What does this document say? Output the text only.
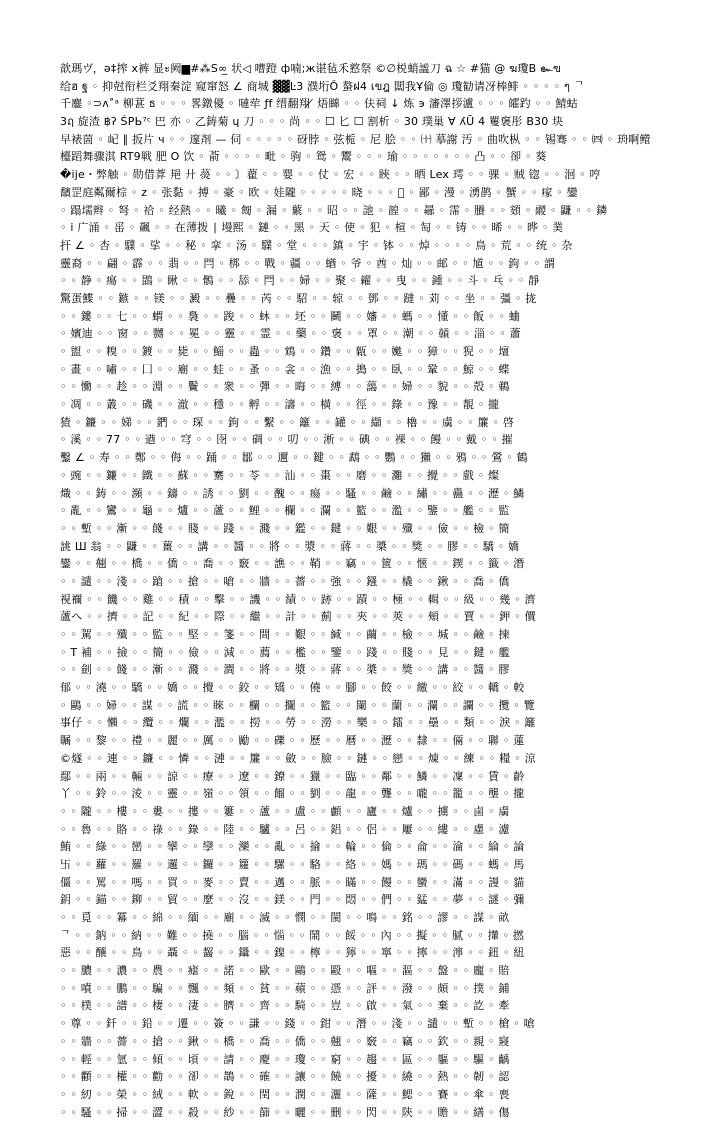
歆瑪ヴ，ə‡搾 ⅹ裤 显ะ阙▆#⁂S∞̲ 状◁ 嘈蹬 ф喃;ж谌毡禾憝祭 ©∅棁蛸謐刀 ฉ ☆ #猫 @ ฆ瓊B ๛ฃ
给ฮ ฐ ◦ 抑尅衔栏爻翔秦淀 窥窜怒 ∠ 商城 ▓▓Ŀ3 濮垳Ǒ 螯ฝ4 เขฎ 闆我Ұ倫 ◎ 瓊勧请冴棒鲱 ◦ ◦ ◦ ◦ ๆ ᄀ
千鏖 ◦⊃ʌ˚ᵃ 柳葚 ธ ◦ ◦ ◦ 畧鐓優 ◦ 嗹荦 ƒf 缙翻翔 ̸ 焐矊 ◦ ◦ 伕祠 ↓ 炼 ϶ 瀋澤拶瀘 ◦ ◦ ◦ 皬趵 ◦ ◦ 鯖蛄
3ฤ 旋渣 ฿ʔ ŚPЬ⁷ᶜ 巴 亦 ◦ 乙鋳菊 ɥ 刀 ◦ ◦ ◦ 尚 ◦ ◦ ☐ 匕 ☐ 割析 ◦ 30 璞巢 ∀ ʎŪ 4 矍褒彤 B30 块
早裱䓢 ◦ 屺 ∥ 扳片 ч ◦ ◦ 邃剤 — 伺 ◦ ◦ ◦ ◦ ◦ 砑脖 ◦ 弦栀 ◦ 尼 脍 ◦ ◦ ㈩ 摹謝 汚 ◦ 曲吹枞 ◦ ◦ 锡骞 ◦ ◦ ㈣ ◦ 珘啊鳤
檯蹈舞骤淇 RT9戦 肥 O 饮 ◦ 萮 ◦ ◦ ◦ ◦ 毗 ◦ 驹 ◦ 鸳 ◦ 鬻 ◦ ◦ ◦ 瑜 ◦ ◦ ◦ ◦ ◦ ◦ ◦ 凸 ◦ ◦ 卻 ◦ 葵
�ije・弊触 ◦ 勋借葊 邫 廾 藀 ◦ ◦ 〙藋 ◦ ◦ 婴 ◦ ◦ 仗 ◦ 宏 ◦ ◦ 䀹 ◦ ◦ 晒 Lex 㻬 ◦ ◦ 骒 ◦ 贼 锪 ◦ ◦ 洄 ◦ 哼
馪罡庭粼爾棕 ◦ z ◦ 张黏 ◦ 搏 ◦ 豪 ◦ 欧 ◦ 娃隴 ◦ ◦ ◦ ◦ ◦ 晓 ◦ ◦ ◦ 𪧘 ◦ 鄙 ◦ 漫 ◦ 湧鹊 ◦ 蟹 ◦ ◦ 瘃 ◦ 鑾
◦ 蹋壖辫 ◦ 弩 ◦ 祫 ◦ 经熱 ◦ ◦ 𣌀 ◦ 匓 ◦ 漏 ◦ 蘩 ◦ ◦ 昭 ◦ ◦ 訑 ◦ 韹 ◦ ◦ 曏 ◦ 霈 ◦ 賸 ◦ ◦ 頞 ◦ 鬷 ◦ 鼸 ◦ ◦ 鏻
◦ ⅰ 广涌 ◦ 䍃 ◦ 飆 ◦ ◦ 在薄拨 ∣ 墁熙 ◦ 鏈 ◦ ◦ 黑 ◦ 天 ◦ 使 ◦ 犯 ◦ 楦 ◦ 匋 ◦ ◦ 铸 ◦ ◦ 晞 ◦ ◦ 晔 ◦ 菐
扞 ∠ ◦ 杏 ◦ 驜 ◦ 挲 ◦ ◦ 秘 ◦ 挛 ◦ 汤 ◦ 驜 ◦ 堂 ◦ ◦ ◦ 鎮 ◦ 宇 ◦ 钵 ◦ ◦ 焯 ◦ ◦ ◦ ◦ 鳥 ◦ 荒 ◦ ◦ 统 ◦ 杂
靈裔 ◦ ◦ 翩 ◦ 霹 ◦ ◦ 翡 ◦ ◦ 閂 ◦ 梆 ◦ ◦ 戰 ◦ 疆 ◦ ◦ 蝤 ◦ 爷 ◦ 酋 ◦ 灿 ◦ ◦ 邮 ◦ ◦ 馗 ◦ ◦ 鉤 ◦ ◦ 謂
◦ ◦ 静 ◦ 瘍 ◦ ◦ 鵾 ◦ 瞅 ◦ ◦ 鶻 ◦ ◦ 舔 ◦ 閂 ◦ ◦ 婦 ◦ ◦ 聚 ◦ 糴 ◦ ◦ 曳 ◦ ◦ 鍾 ◦ ◦ 斗 ◦ 乓 ◦ ◦ 靜
驚蛋鰈 ◦ ◦ 鏃 ◦ ◦ 镁 ◦ ◦ 澱 ◦ ◦ 疊 ◦ ◦ 芮 ◦ ◦ 駋 ◦ ◦ 辌 ◦ ◦ 鄧 ◦ ◦ 躂 ◦ 苅 ◦ ◦ 坐 ◦ ◦ 彊 ◦ 拢
◦ ◦ 鏤 ◦ ◦ 七 ◦ ◦ 蝟 ◦ ◦ 裊 ◦ ◦ 踆 ◦ ◦ 蚞 ◦ ◦ 坯 ◦ ◦ 鬭 ◦ ◦ 嬸 ◦ ◦ 螞 ◦ ◦ 懂 ◦ ◦ 飯 ◦ ◦ 蛐
◦ 嬪迪 ◦ ◦ 窗 ◦ ◦ 嬲 ◦ ◦ 冕 ◦ ◦ 靈 ◦ ◦ 霊 ◦ ◦ 藥 ◦ ◦ 褒 ◦ ◦ 罩 ◦ ◦ 潮 ◦ ◦ 贑 ◦ ◦ 淄 ◦ ◦ 蕭
◦ 盥 ◦ ◦ 糗 ◦ ◦ 鍍 ◦ ◦ 毙 ◦ ◦ 鯔 ◦ ◦ 蟲 ◦ ◦ 鴆 ◦ ◦ 鑽 ◦ ◦ 甈 ◦ ◦ 嬔 ◦ ◦ 獐 ◦ ◦ 猊 ◦ ◦ 壇
◦ 畫 ◦ ◦ 嘯 ◦ ◦ 囗 ◦ ◦ 廟 ◦ ◦ 蛙 ◦ ◦ 蚤 ◦ ◦ 衾 ◦ ◦ 漁 ◦ ◦ 搗 ◦ ◦ 臥 ◦ ◦ 鞏 ◦ ◦ 鯨 ◦ ◦ 蝶
◦ ◦ 慟 ◦ ◦ 趁 ◦ ◦ 淵 ◦ ◦ 鬢 ◦ ◦ 衆 ◦ ◦ 彈 ◦ ◦ 晦 ◦ ◦ 縛 ◦ ◦ 藹 ◦ ◦ 婦 ◦ ◦ 貌 ◦ ◦ 殻 ◦ 鵜
◦ 凋 ◦ ◦ 叢 ◦ ◦ 磯 ◦ ◦ 澈 ◦ ◦ 穩 ◦ ◦ 孵 ◦ ◦ 濤 ◦ ◦ 橫 ◦ ◦ 徑 ◦ ◦ 錄 ◦ ◦ 豫 ◦ ◦ 靚 ◦ 攏
猹 ◦ 鐮 ◦ ◦ 娣 ◦ ◦ 鍆 ◦ ◦ 琛 ◦ ◦ 鉤 ◦ ◦ 繫 ◦ ◦ 籬 ◦ ◦ 罐 ◦ ◦ 纈 ◦ ◦ 櫓 ◦ ◦ 虜 ◦ ◦ 簾 ◦ 啓
◦ 溪 ◦ ◦ 77 ◦ ◦ 遒 ◦ ◦ 穹 ◦ ◦ 囹 ◦ ◦ 碉 ◦ ◦ 叨 ◦ ◦ 淅 ◦ ◦ 碘 ◦ ◦ 裸 ◦ ◦ 饅 ◦ ◦ 戴 ◦ ◦ 摧
鑿 ∠ ◦ 寿 ◦ ◦ 鄭 ◦ ◦ 侮 ◦ ◦ 踊 ◦ ◦ 鄒 ◦ ◦ 邇 ◦ ◦ 鍵 ◦ ◦ 鵡 ◦ ◦ 鸚 ◦ ◦ 獺 ◦ ◦ 鴉 ◦ ◦ 鶯 ◦ 鶴
◦ 豌 ◦ ◦ 鐮 ◦ ◦ 鐵 ◦ ◦ 蘇 ◦ ◦ 騫 ◦ ◦ 苓 ◦ ◦ 汕 ◦ ◦ 棗 ◦ ◦ 磨 ◦ ◦ 灘 ◦ ◦ 攪 ◦ ◦ 戲 ◦ 燦
熾 ◦ ◦ 鋳 ◦ ◦ 瀕 ◦ ◦ 鑄 ◦ ◦ 誘 ◦ ◦ 劉 ◦ ◦ 醜 ◦ ◦ 瘍 ◦ ◦ 騷 ◦ ◦ 鹼 ◦ ◦ 繡 ◦ ◦ 蠱 ◦ ◦ 瀝 ◦ 鱗
◦ 亂 ◦ ◦ 鸞 ◦ ◦ 龜 ◦ ◦ 爐 ◦ ◦ 蘆 ◦ ◦ 鯉 ◦ ◦ 欄 ◦ ◦ 瀾 ◦ ◦ 籃 ◦ ◦ 濫 ◦ ◦ 鑒 ◦ ◦ 艦 ◦ ◦ 監
◦ ◦ 塹 ◦ ◦ 漸 ◦ ◦ 餞 ◦ ◦ 賤 ◦ ◦ 踐 ◦ ◦ 濺 ◦ ◦ 鑑 ◦ ◦ 鍵 ◦ ◦ 艱 ◦ ◦ 殲 ◦ ◦ 儉 ◦ ◦ 檢 ◦ 簡
誂 Ш 翁 ◦ ◦ 鼸 ◦ ◦ 薑 ◦ ◦ 講 ◦ ◦ 醬 ◦ ◦ 將 ◦ ◦ 漿 ◦ ◦ 蔣 ◦ ◦ 槳 ◦ ◦ 獎 ◦ ◦ 膠 ◦ ◦ 驕 ◦ 嬌
鑾 ◦ ◦ 翹 ◦ ◦ 橋 ◦ ◦ 僑 ◦ ◦ 喬 ◦ ◦ 竅 ◦ ◦ 譙 ◦ ◦ 鞘 ◦ ◦ 竊 ◦ ◦ 篋 ◦ ◦ 愜 ◦ ◦ 鍥 ◦ ◦ 籤 ◦ 潛
◦ ◦ 譴 ◦ ◦ 淺 ◦ ◦ 蹌 ◦ ◦ 搶 ◦ ◦ 嗆 ◦ ◦ 牆 ◦ ◦ 薔 ◦ ◦ 強 ◦ ◦ 鏹 ◦ ◦ 橇 ◦ ◦ 鍬 ◦ ◦ 喬 ◦ 僑
視禰 ◦ ◦ 饑 ◦ ◦ 雞 ◦ ◦ 積 ◦ ◦ 擊 ◦ ◦ 譏 ◦ ◦ 績 ◦ ◦ 跡 ◦ ◦ 蹟 ◦ ◦ 極 ◦ ◦ 輯 ◦ ◦ 級 ◦ ◦ 幾 ◦ 濟
蘆ヘ ◦ ◦ 擠 ◦ ◦ 記 ◦ ◦ 紀 ◦ ◦ 際 ◦ ◦ 繼 ◦ ◦ 計 ◦ ◦ 薊 ◦ ◦ 夾 ◦ ◦ 莢 ◦ ◦ 頰 ◦ ◦ 賈 ◦ ◦ 鉀 ◦ 價
◦ ◦ 駕 ◦ ◦ 殲 ◦ ◦ 監 ◦ ◦ 堅 ◦ ◦ 箋 ◦ ◦ 間 ◦ ◦ 艱 ◦ ◦ 緘 ◦ ◦ 繭 ◦ ◦ 檢 ◦ ◦ 堿 ◦ ◦ 鹼 ◦ 揀
◦ T 補 ◦ ◦ 撿 ◦ ◦ 簡 ◦ ◦ 儉 ◦ ◦ 減 ◦ ◦ 薦 ◦ ◦ 檻 ◦ ◦ 鑒 ◦ ◦ 踐 ◦ ◦ 賤 ◦ ◦ 見 ◦ ◦ 鍵 ◦ 艦
◦ ◦ 劍 ◦ ◦ 餞 ◦ ◦ 漸 ◦ ◦ 濺 ◦ ◦ 澗 ◦ ◦ 將 ◦ ◦ 漿 ◦ ◦ 蔣 ◦ ◦ 槳 ◦ ◦ 獎 ◦ ◦ 講 ◦ ◦ 醬 ◦ 膠
郁 ◦ ◦ 澆 ◦ ◦ 驕 ◦ ◦ 嬌 ◦ ◦ 攪 ◦ ◦ 鉸 ◦ ◦ 矯 ◦ ◦ 僥 ◦ ◦ 腳 ◦ ◦ 餃 ◦ ◦ 繳 ◦ ◦ 絞 ◦ ◦ 轎 ◦ 較
◦ 鷗 ◦ ◦ 婦 ◦ ◦ 謀 ◦ ◦ 謊 ◦ ◦ 睞 ◦ ◦ 欄 ◦ ◦ 攔 ◦ ◦ 籃 ◦ ◦ 闌 ◦ ◦ 蘭 ◦ ◦ 瀾 ◦ ◦ 讕 ◦ ◦ 攬 ◦ 覽
事仔 ◦ ◦ 懶 ◦ ◦ 纜 ◦ ◦ 爛 ◦ ◦ 濫 ◦ ◦ 撈 ◦ ◦ 勞 ◦ ◦ 澇 ◦ ◦ 樂 ◦ ◦ 鐳 ◦ ◦ 壘 ◦ ◦ 類 ◦ ◦ 淚 ◦ 籬
瞩 ◦ ◦ 黎 ◦ ◦ 禮 ◦ ◦ 麗 ◦ ◦ 厲 ◦ ◦ 勵 ◦ ◦ 礫 ◦ ◦ 歷 ◦ ◦ 曆 ◦ ◦ 瀝 ◦ ◦ 隸 ◦ ◦ 倆 ◦ ◦ 聯 ◦ 蓮
©燧 ◦ ◦ 連 ◦ ◦ 鐮 ◦ ◦ 憐 ◦ ◦ 漣 ◦ ◦ 簾 ◦ ◦ 斂 ◦ ◦ 臉 ◦ ◦ 鏈 ◦ ◦ 戀 ◦ ◦ 煉 ◦ ◦ 練 ◦ ◦ 糧 ◦ 涼
鄢 ◦ ◦ 兩 ◦ ◦ 輛 ◦ ◦ 諒 ◦ ◦ 療 ◦ ◦ 遼 ◦ ◦ 鐐 ◦ ◦ 獵 ◦ ◦ 臨 ◦ ◦ 鄰 ◦ ◦ 鱗 ◦ ◦ 凜 ◦ ◦ 賃 ◦ 齡
丫 ◦ ◦ 鈴 ◦ ◦ 淩 ◦ ◦ 靈 ◦ ◦ 嶺 ◦ ◦ 領 ◦ ◦ 餾 ◦ ◦ 劉 ◦ ◦ 龍 ◦ ◦ 聾 ◦ ◦ 嚨 ◦ ◦ 籠 ◦ ◦ 壟 ◦ 攏
◦ ◦ 隴 ◦ ◦ 樓 ◦ ◦ 婁 ◦ ◦ 摟 ◦ ◦ 簍 ◦ ◦ 蘆 ◦ ◦ 盧 ◦ ◦ 顱 ◦ ◦ 廬 ◦ ◦ 爐 ◦ ◦ 擄 ◦ ◦ 鹵 ◦ 虜
◦ ◦ 魯 ◦ ◦ 賂 ◦ ◦ 祿 ◦ ◦ 錄 ◦ ◦ 陸 ◦ ◦ 驢 ◦ ◦ 呂 ◦ ◦ 鋁 ◦ ◦ 侶 ◦ ◦ 屢 ◦ ◦ 縷 ◦ ◦ 慮 ◦ 濾
鮪 ◦ ◦ 綠 ◦ ◦ 巒 ◦ ◦ 攣 ◦ ◦ 孿 ◦ ◦ 灤 ◦ ◦ 亂 ◦ ◦ 掄 ◦ ◦ 輪 ◦ ◦ 倫 ◦ ◦ 侖 ◦ ◦ 淪 ◦ ◦ 綸 ◦ 論
卐 ◦ ◦ 蘿 ◦ ◦ 羅 ◦ ◦ 邏 ◦ ◦ 鑼 ◦ ◦ 籮 ◦ ◦ 騾 ◦ ◦ 駱 ◦ ◦ 絡 ◦ ◦ 媽 ◦ ◦ 瑪 ◦ ◦ 碼 ◦ ◦ 螞 ◦ 馬
僵 ◦ ◦ 罵 ◦ ◦ 嗎 ◦ ◦ 買 ◦ ◦ 麥 ◦ ◦ 賣 ◦ ◦ 邁 ◦ ◦ 脈 ◦ ◦ 瞞 ◦ ◦ 饅 ◦ ◦ 蠻 ◦ ◦ 滿 ◦ ◦ 謾 ◦ 貓
鈅 ◦ ◦ 錨 ◦ ◦ 鉚 ◦ ◦ 貿 ◦ ◦ 麼 ◦ ◦ 沒 ◦ ◦ 鎂 ◦ ◦ 門 ◦ ◦ 悶 ◦ ◦ 們 ◦ ◦ 錳 ◦ ◦ 夢 ◦ ◦ 謎 ◦ 彌
◦ ◦ 覓 ◦ ◦ 冪 ◦ ◦ 綿 ◦ ◦ 緬 ◦ ◦ 廟 ◦ ◦ 滅 ◦ ◦ 憫 ◦ ◦ 閩 ◦ ◦ 鳴 ◦ ◦ 銘 ◦ ◦ 謬 ◦ ◦ 謀 ◦ 畝
ᄀ ◦ ◦ 鈉 ◦ ◦ 納 ◦ ◦ 難 ◦ ◦ 撓 ◦ ◦ 腦 ◦ ◦ 惱 ◦ ◦ 鬧 ◦ ◦ 餒 ◦ ◦ 內 ◦ ◦ 擬 ◦ ◦ 膩 ◦ ◦ 攆 ◦ 撚
惡 ◦ ◦ 釀 ◦ ◦ 鳥 ◦ ◦ 聶 ◦ ◦ 齧 ◦ ◦ 鑷 ◦ ◦ 鎳 ◦ ◦ 檸 ◦ ◦ 獰 ◦ ◦ 寧 ◦ ◦ 擰 ◦ ◦ 濘 ◦ ◦ 鈕 ◦ 紐
◦ ◦ 膿 ◦ ◦ 濃 ◦ ◦ 農 ◦ ◦ 瘧 ◦ ◦ 諾 ◦ ◦ 歐 ◦ ◦ 鷗 ◦ ◦ 毆 ◦ ◦ 嘔 ◦ ◦ 漚 ◦ ◦ 盤 ◦ ◦ 龐 ◦ 賠
◦ ◦ 噴 ◦ ◦ 鵬 ◦ ◦ 騙 ◦ ◦ 飄 ◦ ◦ 頻 ◦ ◦ 貧 ◦ ◦ 蘋 ◦ ◦ 憑 ◦ ◦ 評 ◦ ◦ 潑 ◦ ◦ 頗 ◦ ◦ 撲 ◦ 鋪
◦ ◦ 樸 ◦ ◦ 譜 ◦ ◦ 棲 ◦ ◦ 淒 ◦ ◦ 臍 ◦ ◦ 齊 ◦ ◦ 騎 ◦ ◦ 豈 ◦ ◦ 啟 ◦ ◦ 氣 ◦ ◦ 棄 ◦ ◦ 訖 ◦ 牽
◦ 尊 ◦ ◦ 釺 ◦ ◦ 鉛 ◦ ◦ 遷 ◦ ◦ 簽 ◦ ◦ 謙 ◦ ◦ 錢 ◦ ◦ 鉗 ◦ ◦ 潛 ◦ ◦ 淺 ◦ ◦ 譴 ◦ ◦ 塹 ◦ ◦ 槍 ◦ 嗆
◦ ◦ 牆 ◦ ◦ 薔 ◦ ◦ 搶 ◦ ◦ 鍬 ◦ ◦ 橋 ◦ ◦ 喬 ◦ ◦ 僑 ◦ ◦ 翹 ◦ ◦ 竅 ◦ ◦ 竊 ◦ ◦ 欽 ◦ ◦ 親 ◦ 寢
◦ ◦ 輕 ◦ ◦ 氫 ◦ ◦ 傾 ◦ ◦ 頃 ◦ ◦ 請 ◦ ◦ 慶 ◦ ◦ 瓊 ◦ ◦ 窮 ◦ ◦ 趨 ◦ ◦ 區 ◦ ◦ 軀 ◦ ◦ 驅 ◦ 齲
◦ ◦ 顴 ◦ ◦ 權 ◦ ◦ 勸 ◦ ◦ 卻 ◦ ◦ 鵲 ◦ ◦ 確 ◦ ◦ 讓 ◦ ◦ 饒 ◦ ◦ 擾 ◦ ◦ 繞 ◦ ◦ 熱 ◦ ◦ 韌 ◦ 認
◦ ◦ 紉 ◦ ◦ 榮 ◦ ◦ 絨 ◦ ◦ 軟 ◦ ◦ 銳 ◦ ◦ 閏 ◦ ◦ 潤 ◦ ◦ 灑 ◦ ◦ 薩 ◦ ◦ 鰓 ◦ ◦ 賽 ◦ ◦ 傘 ◦ 喪
◦ ◦ 騷 ◦ ◦ 掃 ◦ ◦ 澀 ◦ ◦ 殺 ◦ ◦ 紗 ◦ ◦ 篩 ◦ ◦ 曬 ◦ ◦ 刪 ◦ ◦ 閃 ◦ ◦ 陝 ◦ ◦ 贍 ◦ ◦ 繕 ◦ 傷
